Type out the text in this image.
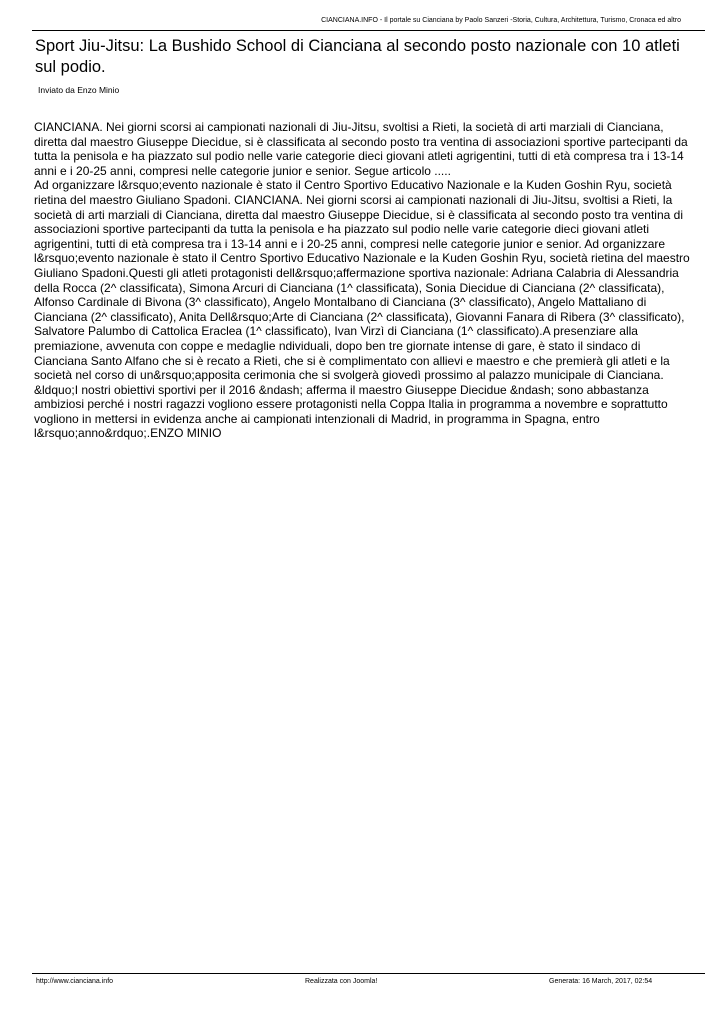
CIANCIANA.INFO - Il portale su Cianciana by Paolo Sanzeri -Storia, Cultura, Architettura, Turismo, Cronaca ed altro
Sport Jiu-Jitsu: La Bushido School di Cianciana al secondo posto nazionale con 10 atleti sul podio.
Inviato da Enzo Minio
CIANCIANA. Nei giorni scorsi ai campionati nazionali di Jiu-Jitsu, svoltisi a Rieti, la società di arti marziali di Cianciana, diretta dal maestro Giuseppe Diecidue, si è classificata al secondo posto tra ventina di associazioni sportive partecipanti da tutta la penisola e ha piazzato sul podio nelle varie categorie dieci giovani atleti agrigentini, tutti di età compresa tra i 13-14 anni e i 20-25 anni, compresi nelle categorie junior e senior. Segue articolo .....
Ad organizzare l&rsquo;evento nazionale è stato il Centro Sportivo Educativo Nazionale e la Kuden Goshin Ryu, società rietina del maestro Giuliano Spadoni. CIANCIANA. Nei giorni scorsi ai campionati nazionali di Jiu-Jitsu, svoltisi a Rieti, la società di arti marziali di Cianciana, diretta dal maestro Giuseppe Diecidue, si è classificata al secondo posto tra ventina di associazioni sportive partecipanti da tutta la penisola e ha piazzato sul podio nelle varie categorie dieci giovani atleti agrigentini, tutti di età compresa tra i 13-14 anni e i 20-25 anni, compresi nelle categorie junior e senior. Ad organizzare l&rsquo;evento nazionale è stato il Centro Sportivo Educativo Nazionale e la Kuden Goshin Ryu, società rietina del maestro Giuliano Spadoni.Questi gli atleti protagonisti dell&rsquo;affermazione sportiva nazionale: Adriana Calabria di Alessandria della Rocca (2^ classificata), Simona Arcuri di Cianciana (1^ classificata), Sonia Diecidue di Cianciana (2^ classificata), Alfonso Cardinale di Bivona (3^ classificato), Angelo Montalbano di Cianciana (3^ classificato), Angelo Mattaliano di Cianciana (2^ classificato), Anita Dell&rsquo;Arte di Cianciana (2^ classificata), Giovanni Fanara di Ribera (3^ classificato), Salvatore Palumbo di Cattolica Eraclea (1^ classificato), Ivan Virzì di Cianciana (1^ classificato).A presenziare alla premiazione, avvenuta con coppe e medaglie ndividuali, dopo ben tre giornate intense di gare, è stato il sindaco di Cianciana Santo Alfano che si è recato a Rieti, che si è complimentato con allievi e maestro e che premierà gli atleti e la società nel corso di un&rsquo;apposita cerimonia che si svolgerà giovedì prossimo al palazzo municipale di Cianciana. &ldquo;I nostri obiettivi sportivi per il 2016 &ndash; afferma il maestro Giuseppe Diecidue &ndash; sono abbastanza ambiziosi perché i nostri ragazzi vogliono essere protagonisti nella Coppa Italia in programma a novembre e soprattutto vogliono in mettersi in evidenza anche ai campionati intenzionali di Madrid, in programma in Spagna, entro l&rsquo;anno&rdquo;.ENZO MINIO
http://www.cianciana.info	Realizzata con Joomla!	Generata: 16 March, 2017, 02:54
